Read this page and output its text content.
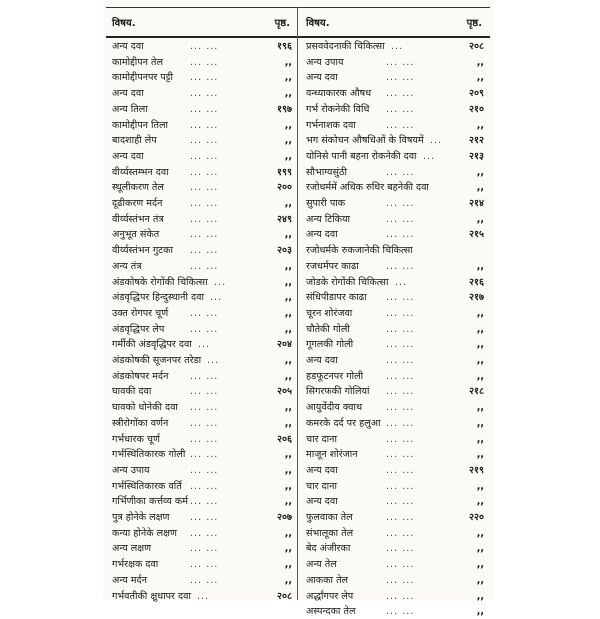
विषय.	पृष्ठ.
अन्य दवा	... ...	१९६
कामोद्दीपन तेल	... ...	,,
कामोद्दीपनपर पट्टी ... ...	,,
अन्य दवा	... ...	,,
अन्य तिला	... ...	१९७
कामोद्दीपन तिला ... ...	,,
बादशाही लेप	... ...	,,
अन्य दवा	... ...	,,
वीर्य्यस्तम्भन दवा ... ...	१९९
स्थूलीकरण तेल	... ...	२००
दूढीकरण मर्दन	... ...	,,
वीर्य्यस्तंभन तंत्र	... ...	२४९
अनुभूत संकेत	... ...	,,
वीर्य्यस्तंभन गुटका ... ...	२०३
अन्य तंत्र	... ...	,,
अंडकोषके रोगोंकी चिकित्सा ...	,,
अंडवृद्धिपर हिन्दुस्थानी दवा ...	,,
उक्त रोगपर चूर्ण ... ...	,,
अंडवृद्धिपर लेप	... ...	,,
गर्मीकी अंडवृद्धिपर दवा ...	२०४
अंडकोषकी सूजनपर तरेडा ...	,,
अंडकोषपर मर्दन ... ...	,,
घावकी दवा	... ...	२०५
घावको धोनेकी दवा ... ...	,,
स्त्रीरोगोंका वर्णन ... ...	,,
गर्भधारक चूर्ण	... ...	२०६
गर्भस्थितिकारक गोली ... ...	,,
अन्य उपाय	... ...	,,
गर्भस्थितिकारक वर्ति ... ...	,,
गर्भिणीका कर्त्तव्य कर्म ... ...	,,
पुत्र होनेके लक्षण ... ...	२०७
कन्या होनेके लक्षण ... ...	,,
अन्य लक्षण	... ...	,,
गर्भरक्षक दवा	... ...	,,
अन्य मर्दन	... ...	,,
गर्भवतीकी क्षुधापर दवा ...	२०८
विषय.	पृष्ठ.
प्रसववेदनाकी चिकित्सा ...	२०८
अन्य उपाय	... ...	,,
अन्य दवा	... ...	,,
वन्ध्याकारक औषध ... ...	२०९
गर्भ रोकनेकी विधि ... ...	२१०
गर्भनाशक दवा	... ...	,,
भग संकोचन औषधिओं के विषयमें ...	२१२
योनिसे पानी बहना रोकनेकी दवा ...	२१३
सौभाग्यसुंठी	... ...	,,
रजोधर्ममें अधिक रुधिर बहनेकी दवा	,,
सुपारी पाक	... ...	२१४
अन्य टिकिया	... ...	,,
अन्य दवा	... ...	२१५
रजोधर्मके रुकजानेकी चिकित्सा
रजधर्मपर काढा	... ...	,,
जोडके रोगोंकी चिकित्सा ...	२१६
संधिपीडापर काढा ... ...	२१७
चूरन शोरंजवा	... ...	,,
चौतेकी गोली	... ...	,,
गूगलकी गोली	... ...	,,
अन्य दवा	... ...	,,
हडफूटनपर गोली ... ...	,,
सिगरफकी गोलियां ... ...	२१८
आयुर्वेदीय क्वाथ ... ...	,,
कमरके दर्द पर हलुआ ... ...	,,
चार दाना	... ...	,,
माजून शोरंजान	... ...	,,
अन्य दवा	... ...	२१९
चार दाना	... ...	,,
अन्य दवा	... ...	,,
फुलवाका तेल	... ...	२२०
संभालूका तेल	... ...	,,
बेद अंजीरका	... ...	,,
अन्य तेल	... ...	,,
आकका तेल	... ...	,,
अर्द्धांगपर लेप	... ...	,,
अस्पन्दका तेल	... ...	,,
